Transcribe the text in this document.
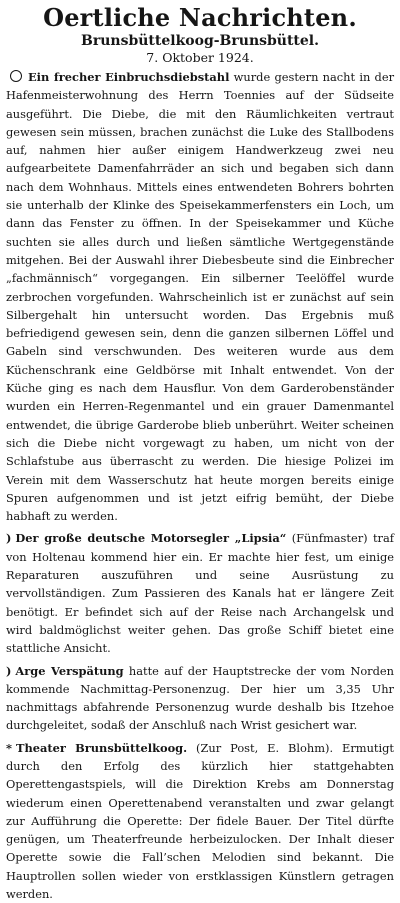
Oertliche Nachrichten.
Brunsbüttelkoog-Brunsbüttel.
7. Oktober 1924.

Ein frecher Einbruchsdiebstahl wurde gestern nacht in der Hafenmeisterwohnung des Herrn Toennies auf der Südseite ausgeführt. Die Diebe, die mit den Räumlichkeiten vertraut gewesen sein müssen, brachen zunächst die Luke des Stallbodens auf, nahmen hier außer einigem Handwerkzeug zwei neu aufgearbeitete Damenfahrräder an sich und begaben sich dann nach dem Wohnhaus. Mittels eines entwendeten Bohrers bohrten sie unterhalb der Klinke des Speisekammerfensters ein Loch, um dann das Fenster zu öffnen. In der Speisekammer und Küche suchten sie alles durch und ließen sämtliche Wertgegenstände mitgehen. Bei der Auswahl ihrer Diebesbeute sind die Einbrecher „fachmännisch“ vorgegangen. Ein silberner Teelöffel wurde zerbrochen vorgefunden. Wahrscheinlich ist er zunächst auf sein Silbergehalt hin untersucht worden. Das Ergebnis muß befriedigend gewesen sein, denn die ganzen silbernen Löffel und Gabeln sind verschwunden. Des weiteren wurde aus dem Küchenschrank eine Geldbörse mit Inhalt entwendet. Von der Küche ging es nach dem Hausflur. Von dem Garderobenständer wurden ein Herren-Regenmantel und ein grauer Damenmantel entwendet, die übrige Garderobe blieb unberührt. Weiter scheinen sich die Diebe nicht vorgewagt zu haben, um nicht von der Schlafstube aus überrascht zu werden. Die hiesige Polizei im Verein mit dem Wasserschutz hat heute morgen bereits einige Spuren aufgenommen und ist jetzt eifrig bemüht, der Diebe habhaft zu werden.

) Der große deutsche Motorsegler „Lipsia“ (Fünfmaster) traf von Holtenau kommend hier ein. Er machte hier fest, um einige Reparaturen auszuführen und seine Ausrüstung zu vervollständigen. Zum Passieren des Kanals hat er längere Zeit benötigt. Er befindet sich auf der Reise nach Archangelsk und wird baldmöglichst weiter gehen. Das große Schiff bietet eine stattliche Ansicht.

) Arge Verspätung hatte auf der Hauptstrecke der vom Norden kommende Nachmittag-Personenzug. Der hier um 3,35 Uhr nachmittags abfahrende Personenzug wurde deshalb bis Itzehoe durchgeleitet, sodaß der Anschluß nach Wrist gesichert war.

* Theater Brunsbüttelkoog. (Zur Post, E. Blohm). Ermutigt durch den Erfolg des kürzlich hier stattgehabten Operettengastspiels, will die Direktion Krebs am Donnerstag wiederum einen Operettenabend veranstalten und zwar gelangt zur Aufführung die Operette: Der fidele Bauer. Der Titel dürfte genügen, um Theaterfreunde herbeizulocken. Der Inhalt dieser Operette sowie die Fall’schen Melodien sind bekannt. Die Hauptrollen sollen wieder von erstklassigen Künstlern getragen werden.
